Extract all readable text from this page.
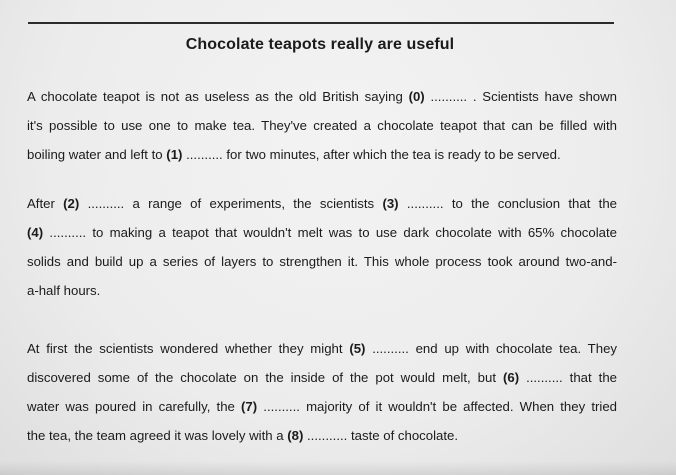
Chocolate teapots really are useful

A chocolate teapot is not as useless as the old British saying (0) .......... . Scientists have shown
it's possible to use one to make tea. They've created a chocolate teapot that can be filled with
boiling water and left to (1) .......... for two minutes, after which the tea is ready to be served.

After (2) .......... a range of experiments, the scientists (3) .......... to the conclusion that the
(4) .......... to making a teapot that wouldn't melt was to use dark chocolate with 65% chocolate
solids and build up a series of layers to strengthen it. This whole process took around two-and-
a-half hours.

At first the scientists wondered whether they might (5) .......... end up with chocolate tea. They
discovered some of the chocolate on the inside of the pot would melt, but (6) .......... that the
water was poured in carefully, the (7) .......... majority of it wouldn't be affected. When they tried
the tea, the team agreed it was lovely with a (8) ........... taste of chocolate.
